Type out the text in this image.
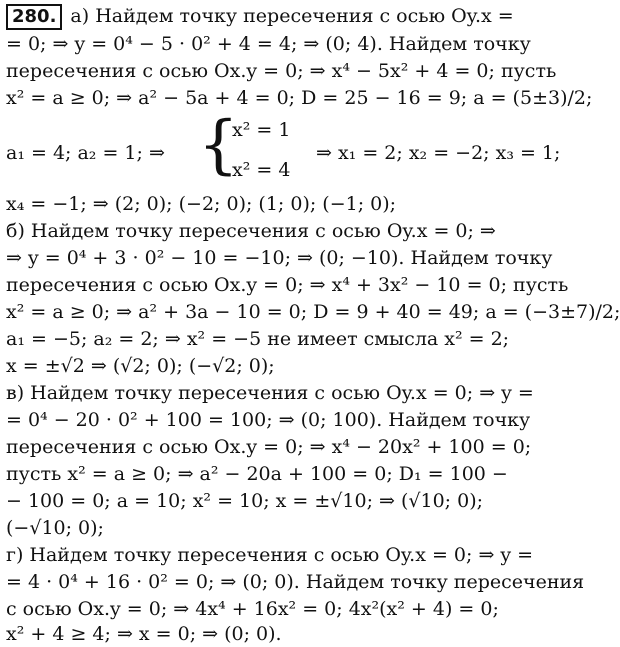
280. а) Найдем точку пересечения с осью Oy.x =
= 0; ⇒ y = 0⁴ − 5 · 0² + 4 = 4; ⇒ (0; 4). Найдем точку
пересечения с осью Ox.y = 0; ⇒ x⁴ − 5x² + 4 = 0; пусть
x² = a ≥ 0; ⇒ a² − 5a + 4 = 0; D = 25 − 16 = 9; a = (5±3)/2;
a₁ = 4; a₂ = 1; ⇒ {
x² = 1
x² = 4
⇒ x₁ = 2; x₂ = −2; x₃ = 1;
x₄ = −1; ⇒ (2; 0); (−2; 0); (1; 0); (−1; 0);
б) Найдем точку пересечения с осью Oy.x = 0; ⇒
⇒ y = 0⁴ + 3 · 0² − 10 = −10; ⇒ (0; −10). Найдем точку
пересечения с осью Ox.y = 0; ⇒ x⁴ + 3x² − 10 = 0; пусть
x² = a ≥ 0; ⇒ a² + 3a − 10 = 0; D = 9 + 40 = 49; a = (−3±7)/2;
a₁ = −5; a₂ = 2; ⇒ x² = −5 не имеет смысла x² = 2;
x = ±√2 ⇒ (√2; 0); (−√2; 0);
в) Найдем точку пересечения с осью Oy.x = 0; ⇒ y =
= 0⁴ − 20 · 0² + 100 = 100; ⇒ (0; 100). Найдем точку
пересечения с осью Ox.y = 0; ⇒ x⁴ − 20x² + 100 = 0;
пусть x² = a ≥ 0; ⇒ a² − 20a + 100 = 0; D₁ = 100 −
− 100 = 0; a = 10; x² = 10; x = ±√10; ⇒ (√10; 0);
(−√10; 0);
г) Найдем точку пересечения с осью Oy.x = 0; ⇒ y =
= 4 · 0⁴ + 16 · 0² = 0; ⇒ (0; 0). Найдем точку пересечения
с осью Ox.y = 0; ⇒ 4x⁴ + 16x² = 0; 4x²(x² + 4) = 0;
x² + 4 ≥ 4; ⇒ x = 0; ⇒ (0; 0).
